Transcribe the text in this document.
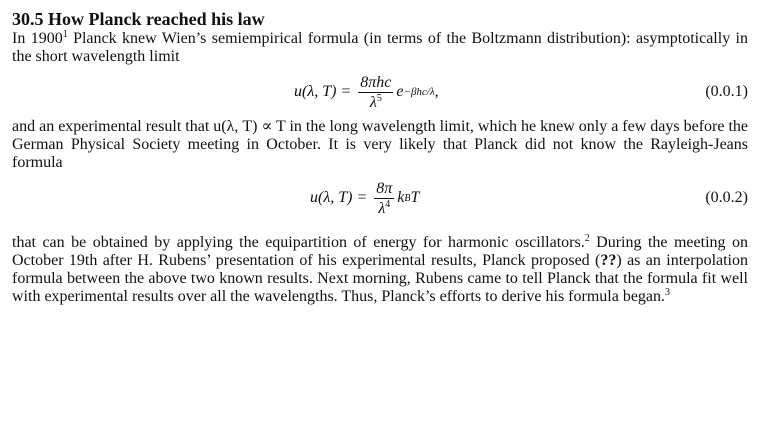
30.5 How Planck reached his law

In 1900$^1$ Planck knew Wien’s semiempirical formula (in terms of the Boltzmann distribution): asymptotically in the short wavelength limit

u(λ, $T) = \frac{\text{8πhc}}{\lambda^5}$ e −βhc/λ ,	(0.0.1)

and an experimental result that u(λ, T) ∝ T in the long wavelength limit, which he knew only a few days before the German Physical Society meeting in October. It is very likely that Planck did not know the Rayleigh-Jeans formula

u(λ, $T) = \frac{8\pi}{\lambda^4}$ k B T	(0.0.2)

that can be obtained by applying the equipartition of energy for harmonic oscillators.$^2$ During the meeting on October 19th after H. Rubens’ presentation of his experimental results, Planck proposed (??) as an interpolation formula between the above two known results. Next morning, Rubens came to tell Planck that the formula fit well with experimental results over all the wavelengths. Thus, Planck’s efforts to derive his formula began.$^3$
